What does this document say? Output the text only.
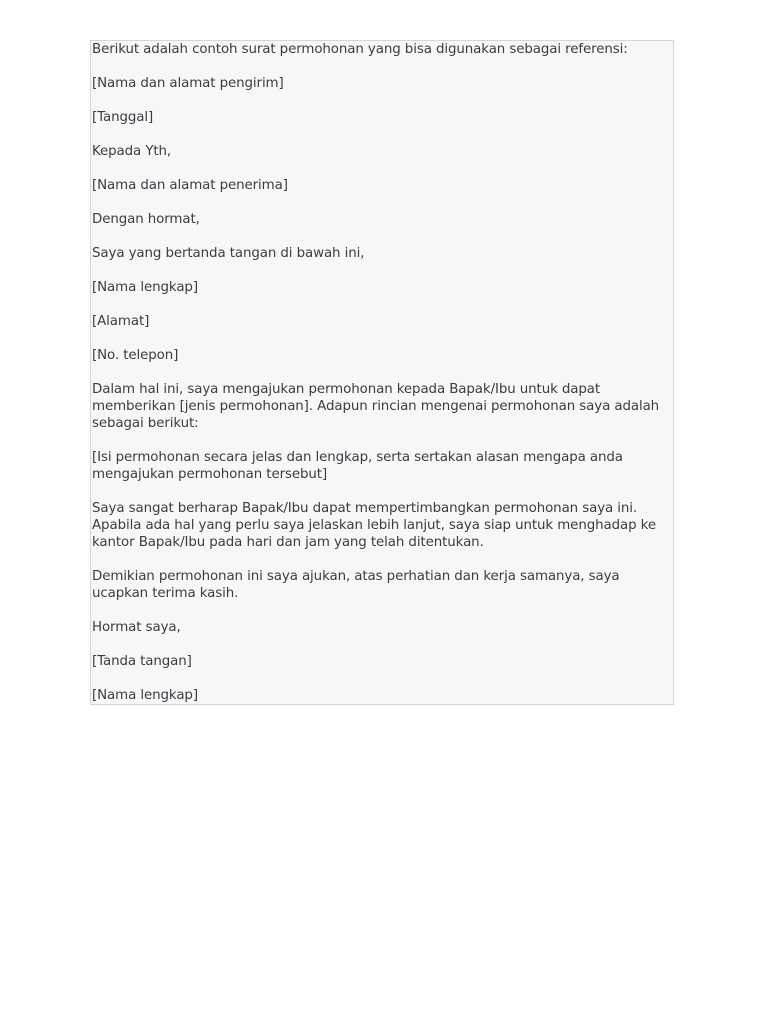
Berikut adalah contoh surat permohonan yang bisa digunakan sebagai referensi:

[Nama dan alamat pengirim]

[Tanggal]

Kepada Yth,

[Nama dan alamat penerima]

Dengan hormat,

Saya yang bertanda tangan di bawah ini,

[Nama lengkap]

[Alamat]

[No. telepon]

Dalam hal ini, saya mengajukan permohonan kepada Bapak/Ibu untuk dapat memberikan [jenis permohonan]. Adapun rincian mengenai permohonan saya adalah sebagai berikut:

[Isi permohonan secara jelas dan lengkap, serta sertakan alasan mengapa anda mengajukan permohonan tersebut]

Saya sangat berharap Bapak/Ibu dapat mempertimbangkan permohonan saya ini. Apabila ada hal yang perlu saya jelaskan lebih lanjut, saya siap untuk menghadap ke kantor Bapak/Ibu pada hari dan jam yang telah ditentukan.

Demikian permohonan ini saya ajukan, atas perhatian dan kerja samanya, saya ucapkan terima kasih.

Hormat saya,

[Tanda tangan]

[Nama lengkap]
